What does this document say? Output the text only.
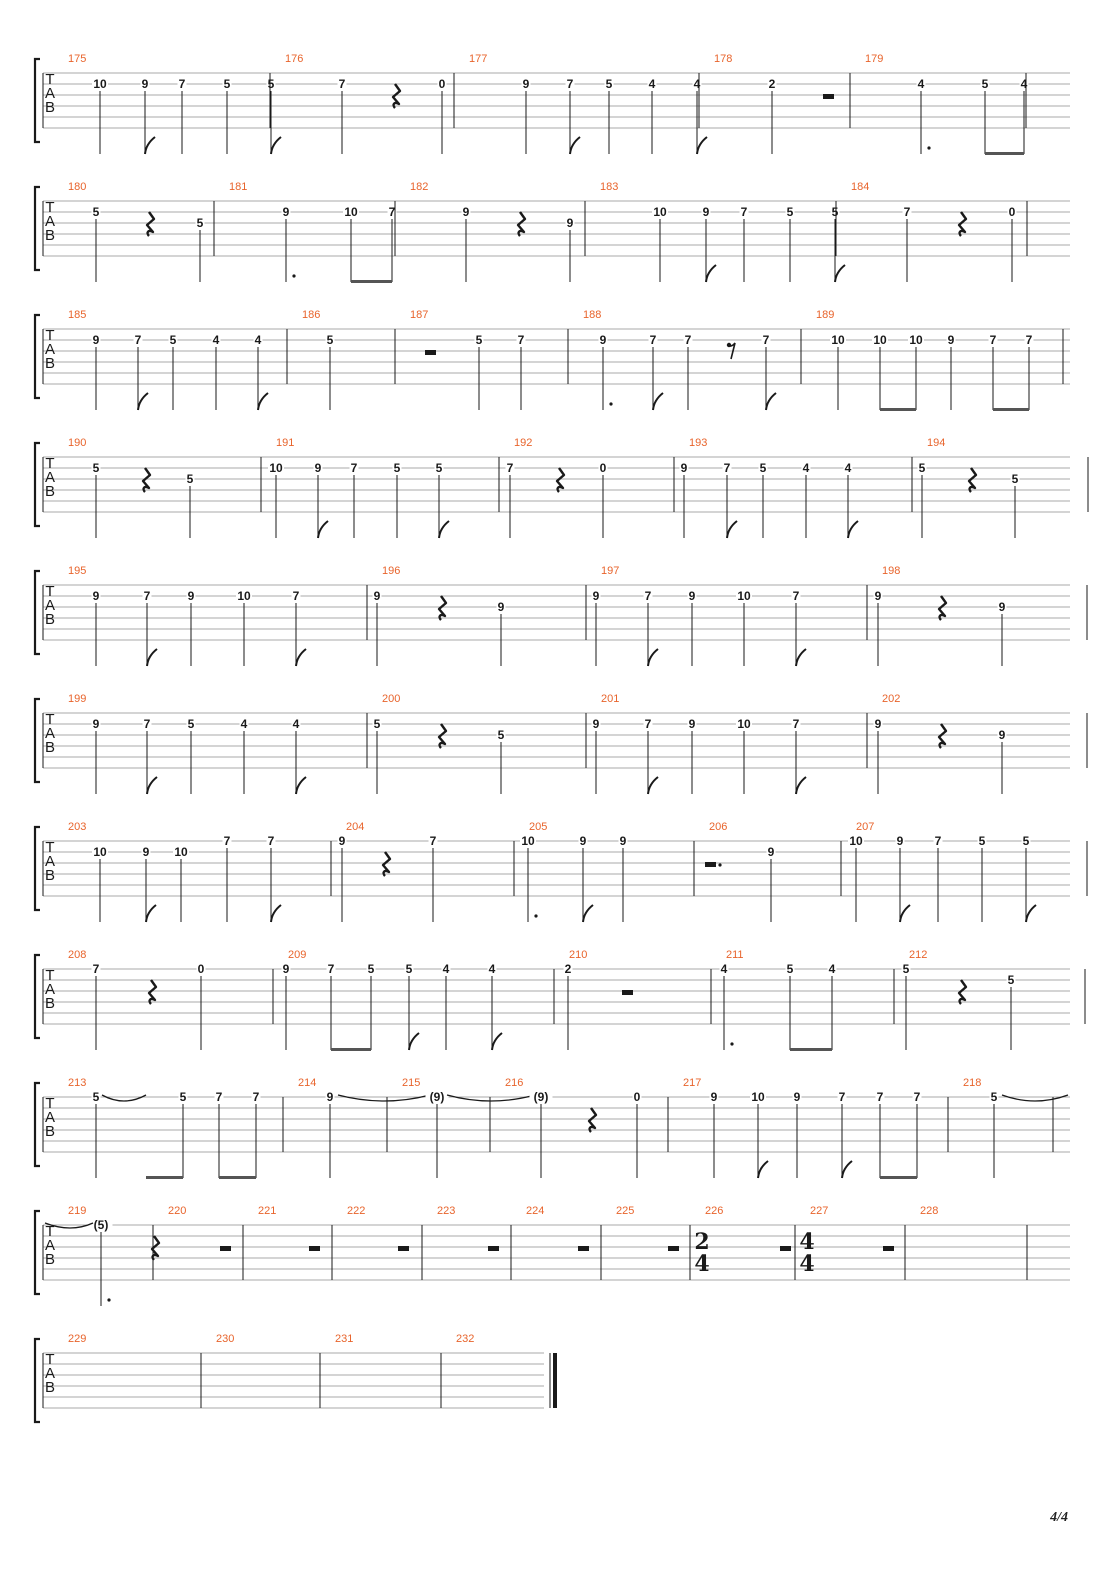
T
A
B
175
10	9	7	5	5
176
7	0
177
9	7	5	4	4
178
2
179
4	5	4
T
A
B
180
5
5
181
9	10	7
182
9
9
183
10	9	7	5	5
184
7	0
T
A
B
185
9	7 5	4	4
186
5
187
5	7
188
9	7 7	7
189
10 10 10 9	7 7
T
A
B
190
5
5
191
10	9 7	5	5
192
7	0
193
9	7 5	4	4
194
5
5
T
A
B
195
9	7	9	10	7
196
9
9
197
9	7	9	10	7
198
9
9
T
A
B
199
9	7	5	4	4
200
5
5
201
9	7	9	10	7
202
9
9
T
A
B
203
10	9 10
7	7
204
9	7
205
10	9	9
206
9
207
10	9	7	5	5
T
A
B
208
7	0
209
9	7	5	5	4	4
210
2
211
4	5	4
212
5
5
T
A
B
213
5	5 7	7
214
9
215
(9)
216
(9)	0
217
9	10 9	7	7	7
218
5
T
A
B
219
(5)
220	221	222	223	224	225	226
2
4
227
4
4
228
T
A
B
229	230	231	232
4/4
